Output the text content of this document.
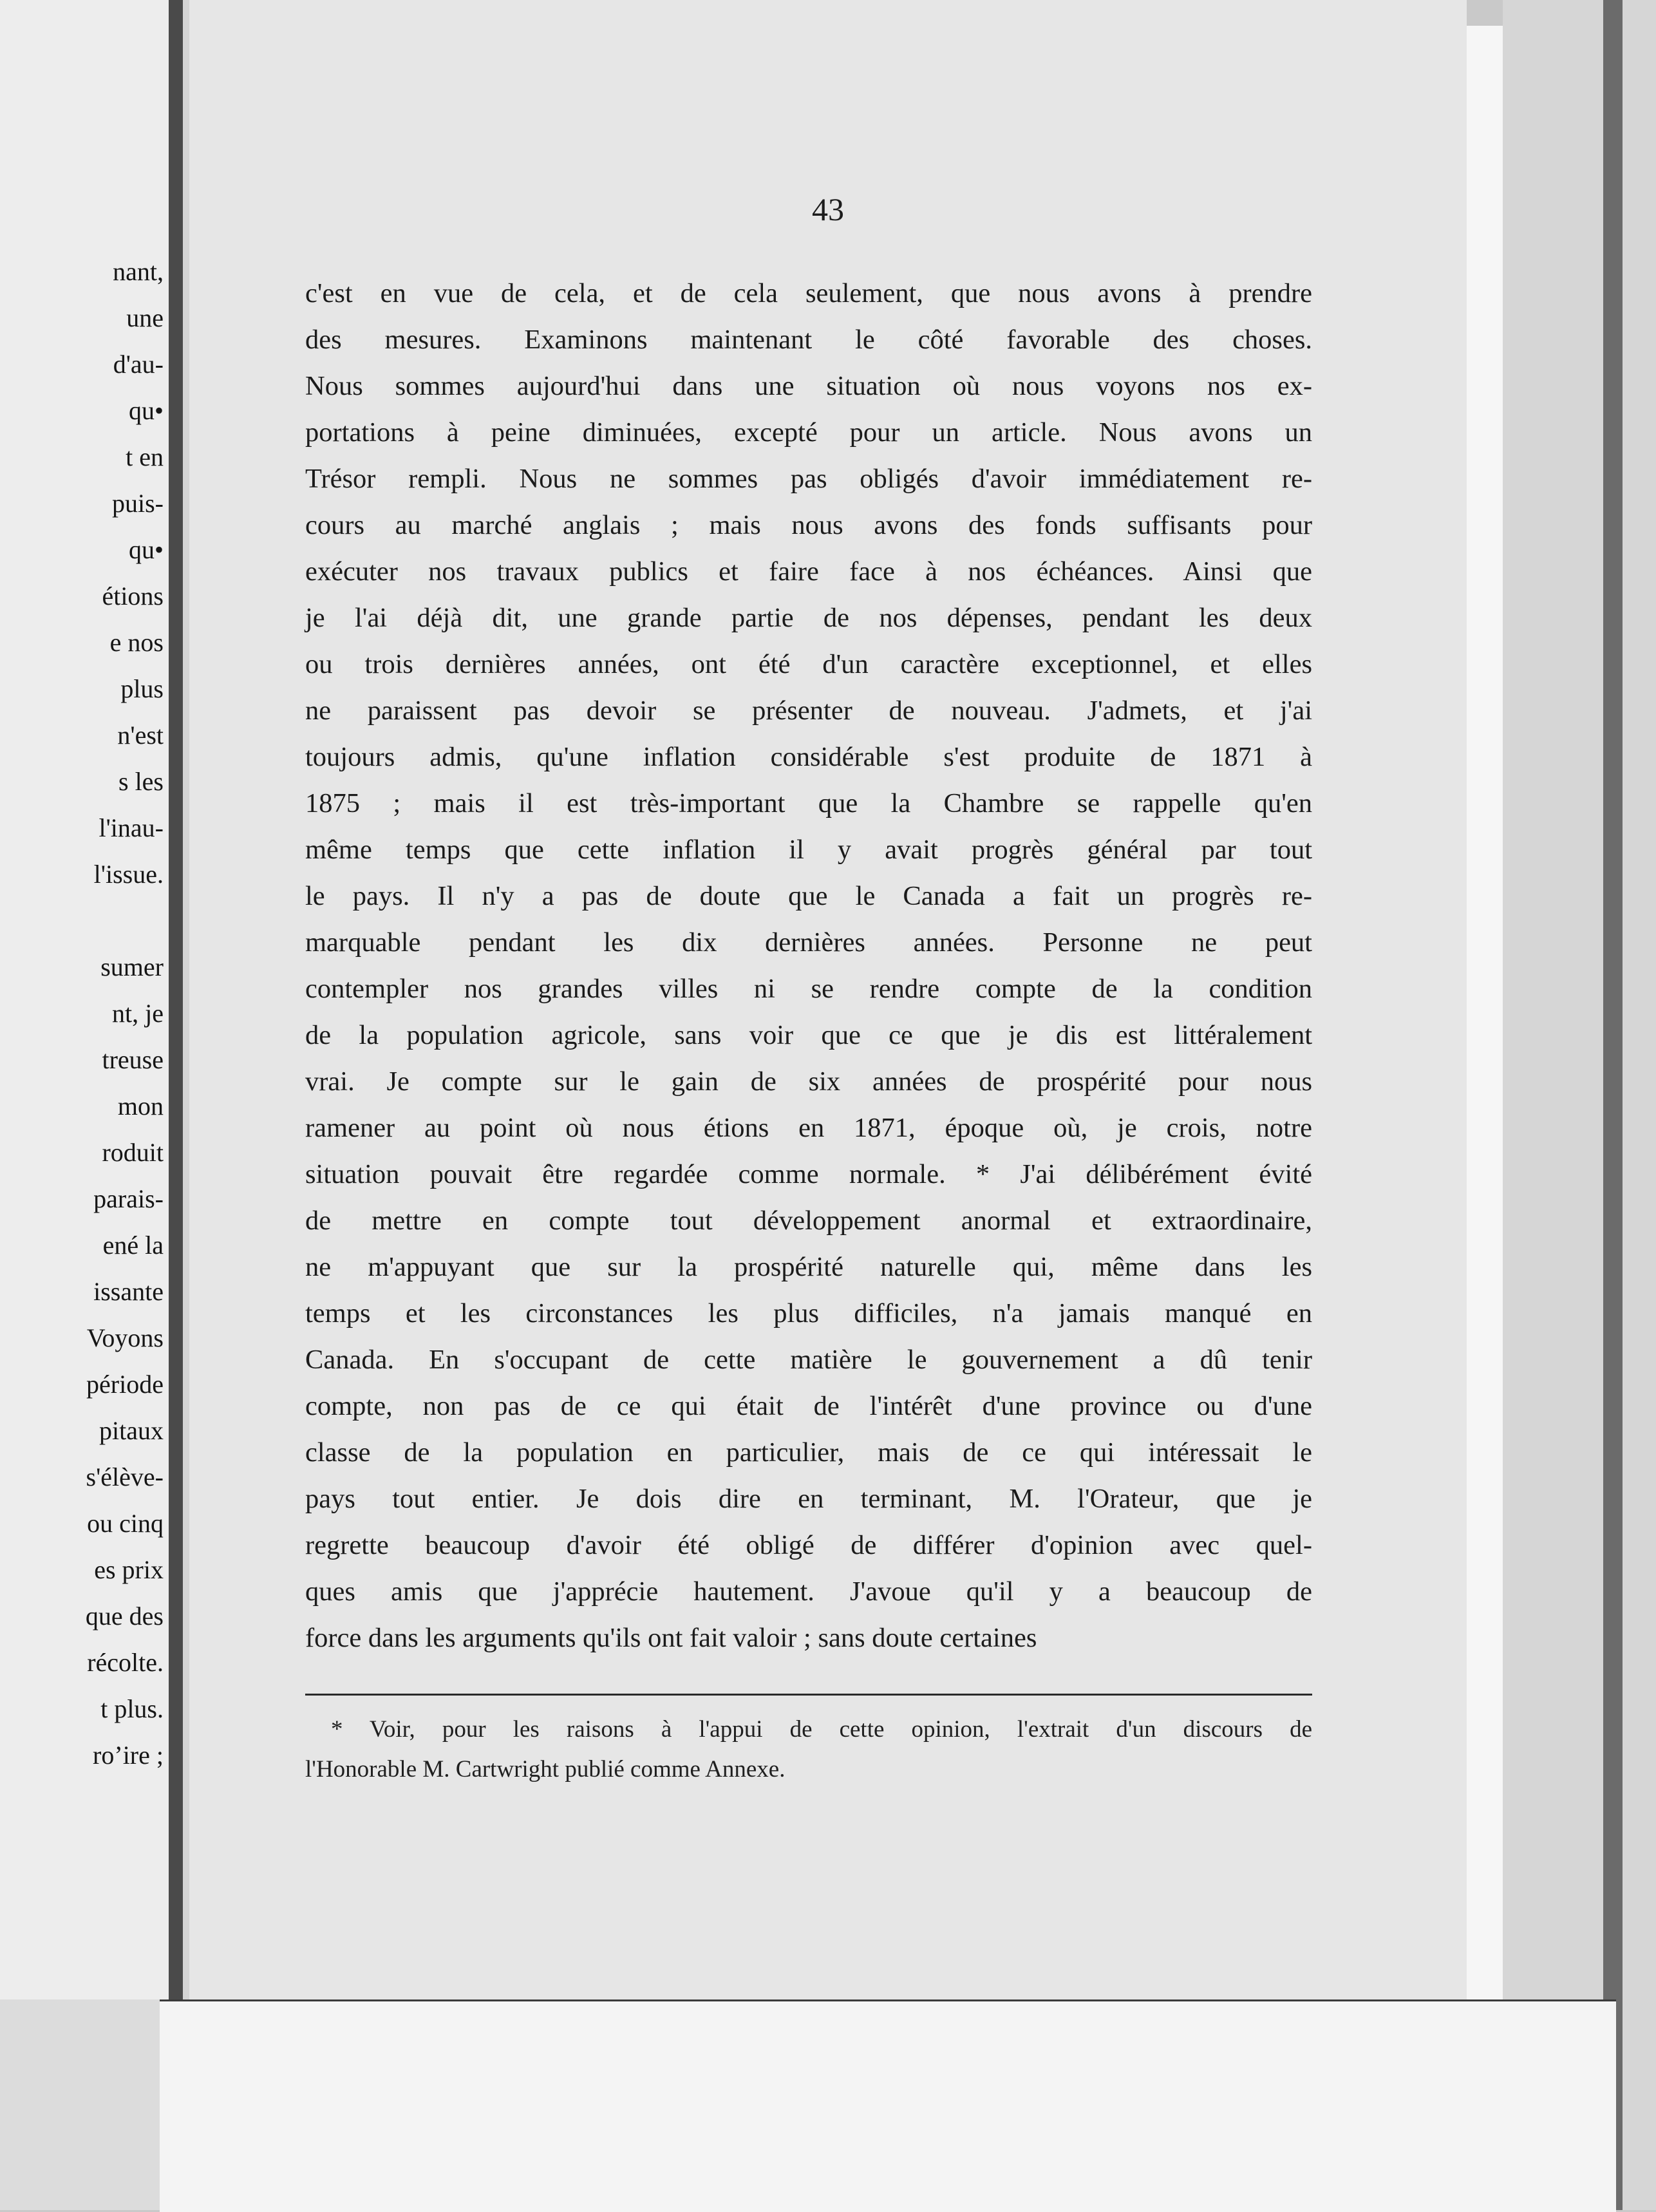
nant,
une
d'au-
qu•
t en
puis-
qu•
étions
e nos
plus
n'est
s les
l'inau-
l'issue.
sumer
nt, je
treuse
mon
roduit
parais-
ené la
issante
Voyons
période
pitaux
s'élève-
ou cinq
es prix
que des
récolte.
t plus.
ro’ire ;
43
c'est en vue de cela, et de cela seulement, que nous avons à prendre
des mesures. Examinons maintenant le côté favorable des choses.
Nous sommes aujourd'hui dans une situation où nous voyons nos ex-
portations à peine diminuées, excepté pour un article. Nous avons un
Trésor rempli. Nous ne sommes pas obligés d'avoir immédiatement re-
cours au marché anglais ; mais nous avons des fonds suffisants pour
exécuter nos travaux publics et faire face à nos échéances. Ainsi que
je l'ai déjà dit, une grande partie de nos dépenses, pendant les deux
ou trois dernières années, ont été d'un caractère exceptionnel, et elles
ne paraissent pas devoir se présenter de nouveau. J'admets, et j'ai
toujours admis, qu'une inflation considérable s'est produite de 1871 à
1875 ; mais il est très-important que la Chambre se rappelle qu'en
même temps que cette inflation il y avait progrès général par tout
le pays. Il n'y a pas de doute que le Canada a fait un progrès re-
marquable pendant les dix dernières années. Personne ne peut
contempler nos grandes villes ni se rendre compte de la condition
de la population agricole, sans voir que ce que je dis est littéralement
vrai. Je compte sur le gain de six années de prospérité pour nous
ramener au point où nous étions en 1871, époque où, je crois, notre
situation pouvait être regardée comme normale. * J'ai délibérément évité
de mettre en compte tout développement anormal et extraordinaire,
ne m'appuyant que sur la prospérité naturelle qui, même dans les
temps et les circonstances les plus difficiles, n'a jamais manqué en
Canada. En s'occupant de cette matière le gouvernement a dû tenir
compte, non pas de ce qui était de l'intérêt d'une province ou d'une
classe de la population en particulier, mais de ce qui intéressait le
pays tout entier. Je dois dire en terminant, M. l'Orateur, que je
regrette beaucoup d'avoir été obligé de différer d'opinion avec quel-
ques amis que j'apprécie hautement. J'avoue qu'il y a beaucoup de
force dans les arguments qu'ils ont fait valoir ; sans doute certaines
* Voir, pour les raisons à l'appui de cette opinion, l'extrait d'un discours de
l'Honorable M. Cartwright publié comme Annexe.
